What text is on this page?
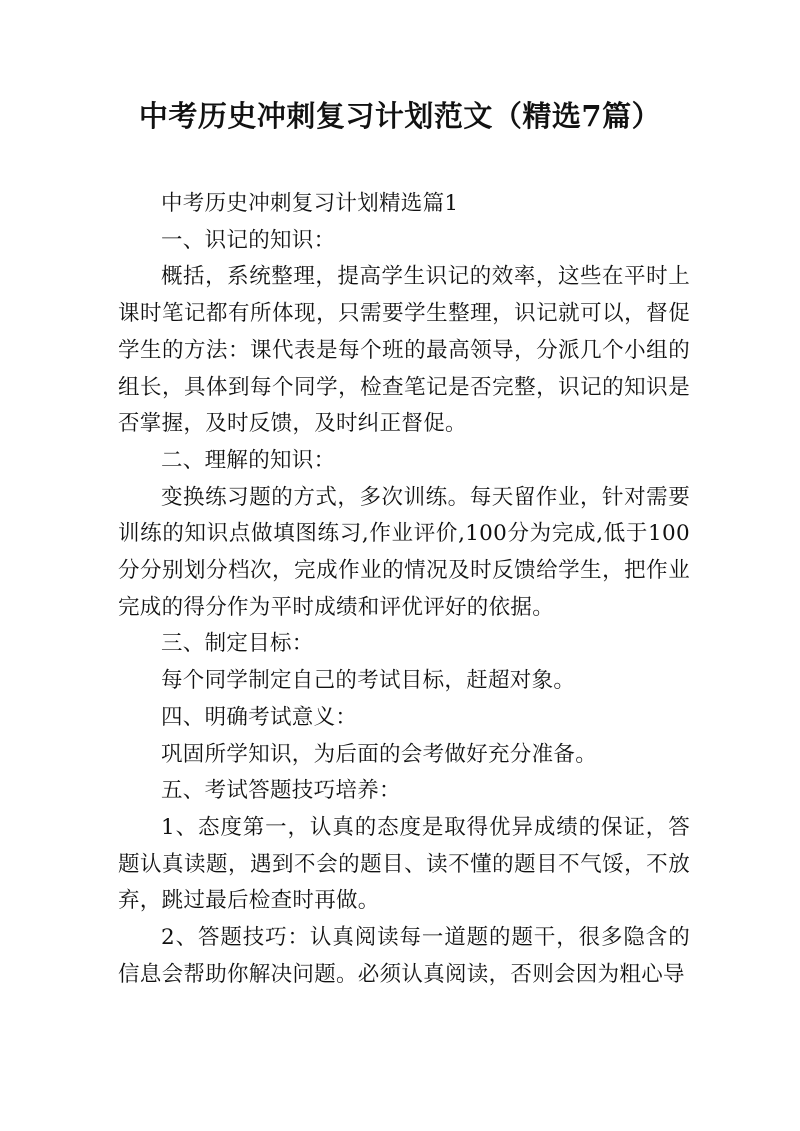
中考历史冲刺复习计划范文（精选7篇）

中考历史冲刺复习计划精选篇1

一、识记的知识：

概括，系统整理，提高学生识记的效率，这些在平时上课时笔记都有所体现，只需要学生整理，识记就可以，督促学生的方法：课代表是每个班的最高领导，分派几个小组的组长，具体到每个同学，检查笔记是否完整，识记的知识是否掌握，及时反馈，及时纠正督促。

二、理解的知识：

变换练习题的方式，多次训练。每天留作业，针对需要训练的知识点做填图练习,作业评价,100分为完成,低于100分分别划分档次，完成作业的情况及时反馈给学生，把作业完成的得分作为平时成绩和评优评好的依据。

三、制定目标：

每个同学制定自己的考试目标，赶超对象。

四、明确考试意义：

巩固所学知识，为后面的会考做好充分准备。

五、考试答题技巧培养：

1、态度第一，认真的态度是取得优异成绩的保证，答题认真读题，遇到不会的题目、读不懂的题目不气馁，不放弃，跳过最后检查时再做。

2、答题技巧：认真阅读每一道题的题干，很多隐含的信息会帮助你解决问题。必须认真阅读，否则会因为粗心导
